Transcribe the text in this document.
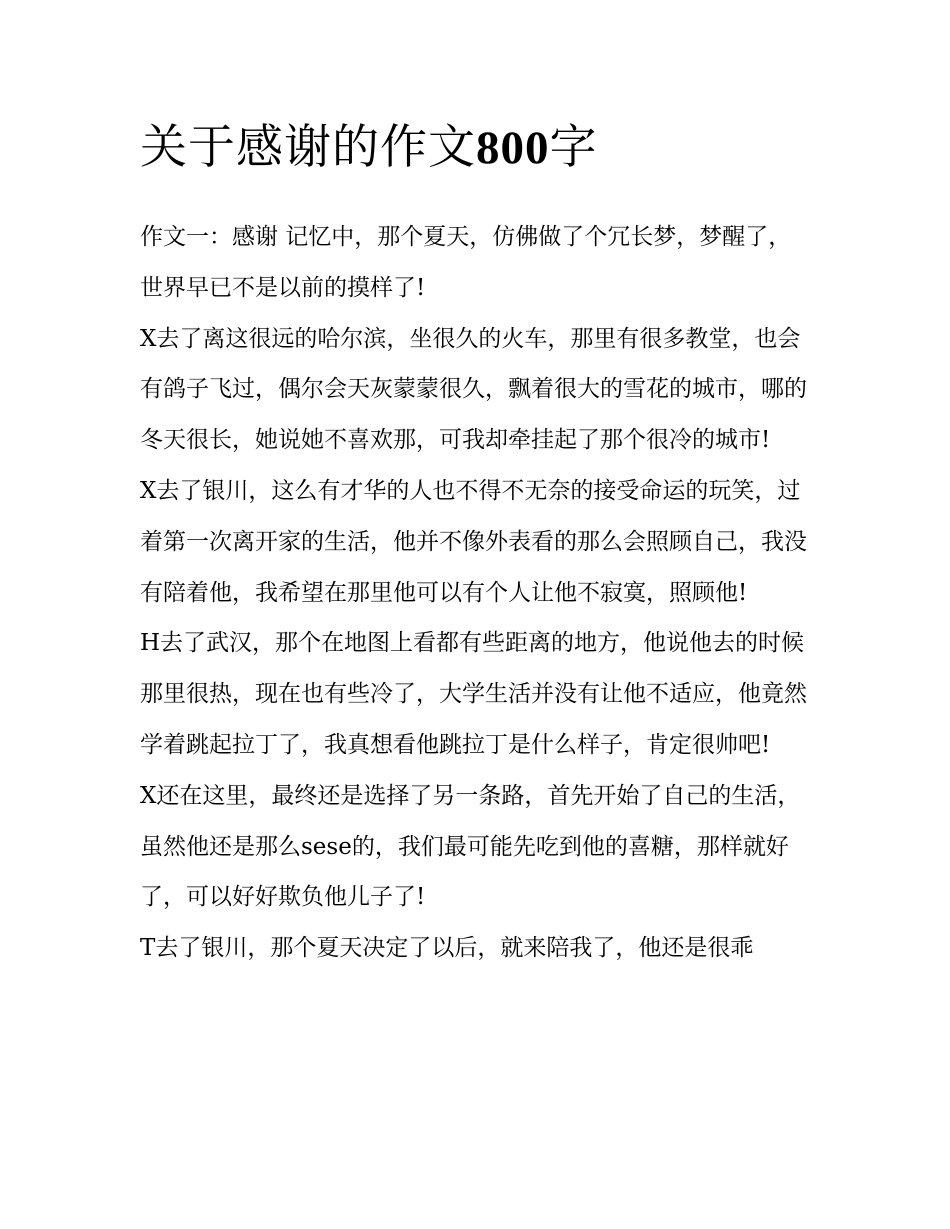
关于感谢的作文800字

作文一：感谢 记忆中，那个夏天，仿佛做了个冗长梦，梦醒了，世界早已不是以前的摸样了!

X去了离这很远的哈尔滨，坐很久的火车，那里有很多教堂，也会有鸽子飞过，偶尔会天灰蒙蒙很久，飘着很大的雪花的城市，哪的冬天很长，她说她不喜欢那，可我却牵挂起了那个很冷的城市!

X去了银川，这么有才华的人也不得不无奈的接受命运的玩笑，过着第一次离开家的生活，他并不像外表看的那么会照顾自己，我没有陪着他，我希望在那里他可以有个人让他不寂寞，照顾他!

H去了武汉，那个在地图上看都有些距离的地方，他说他去的时候那里很热，现在也有些冷了，大学生活并没有让他不适应，他竟然学着跳起拉丁了，我真想看他跳拉丁是什么样子，肯定很帅吧!

X还在这里，最终还是选择了另一条路，首先开始了自己的生活，虽然他还是那么sese的，我们最可能先吃到他的喜糖，那样就好了，可以好好欺负他儿子了!

T去了银川，那个夏天决定了以后，就来陪我了，他还是很乖
